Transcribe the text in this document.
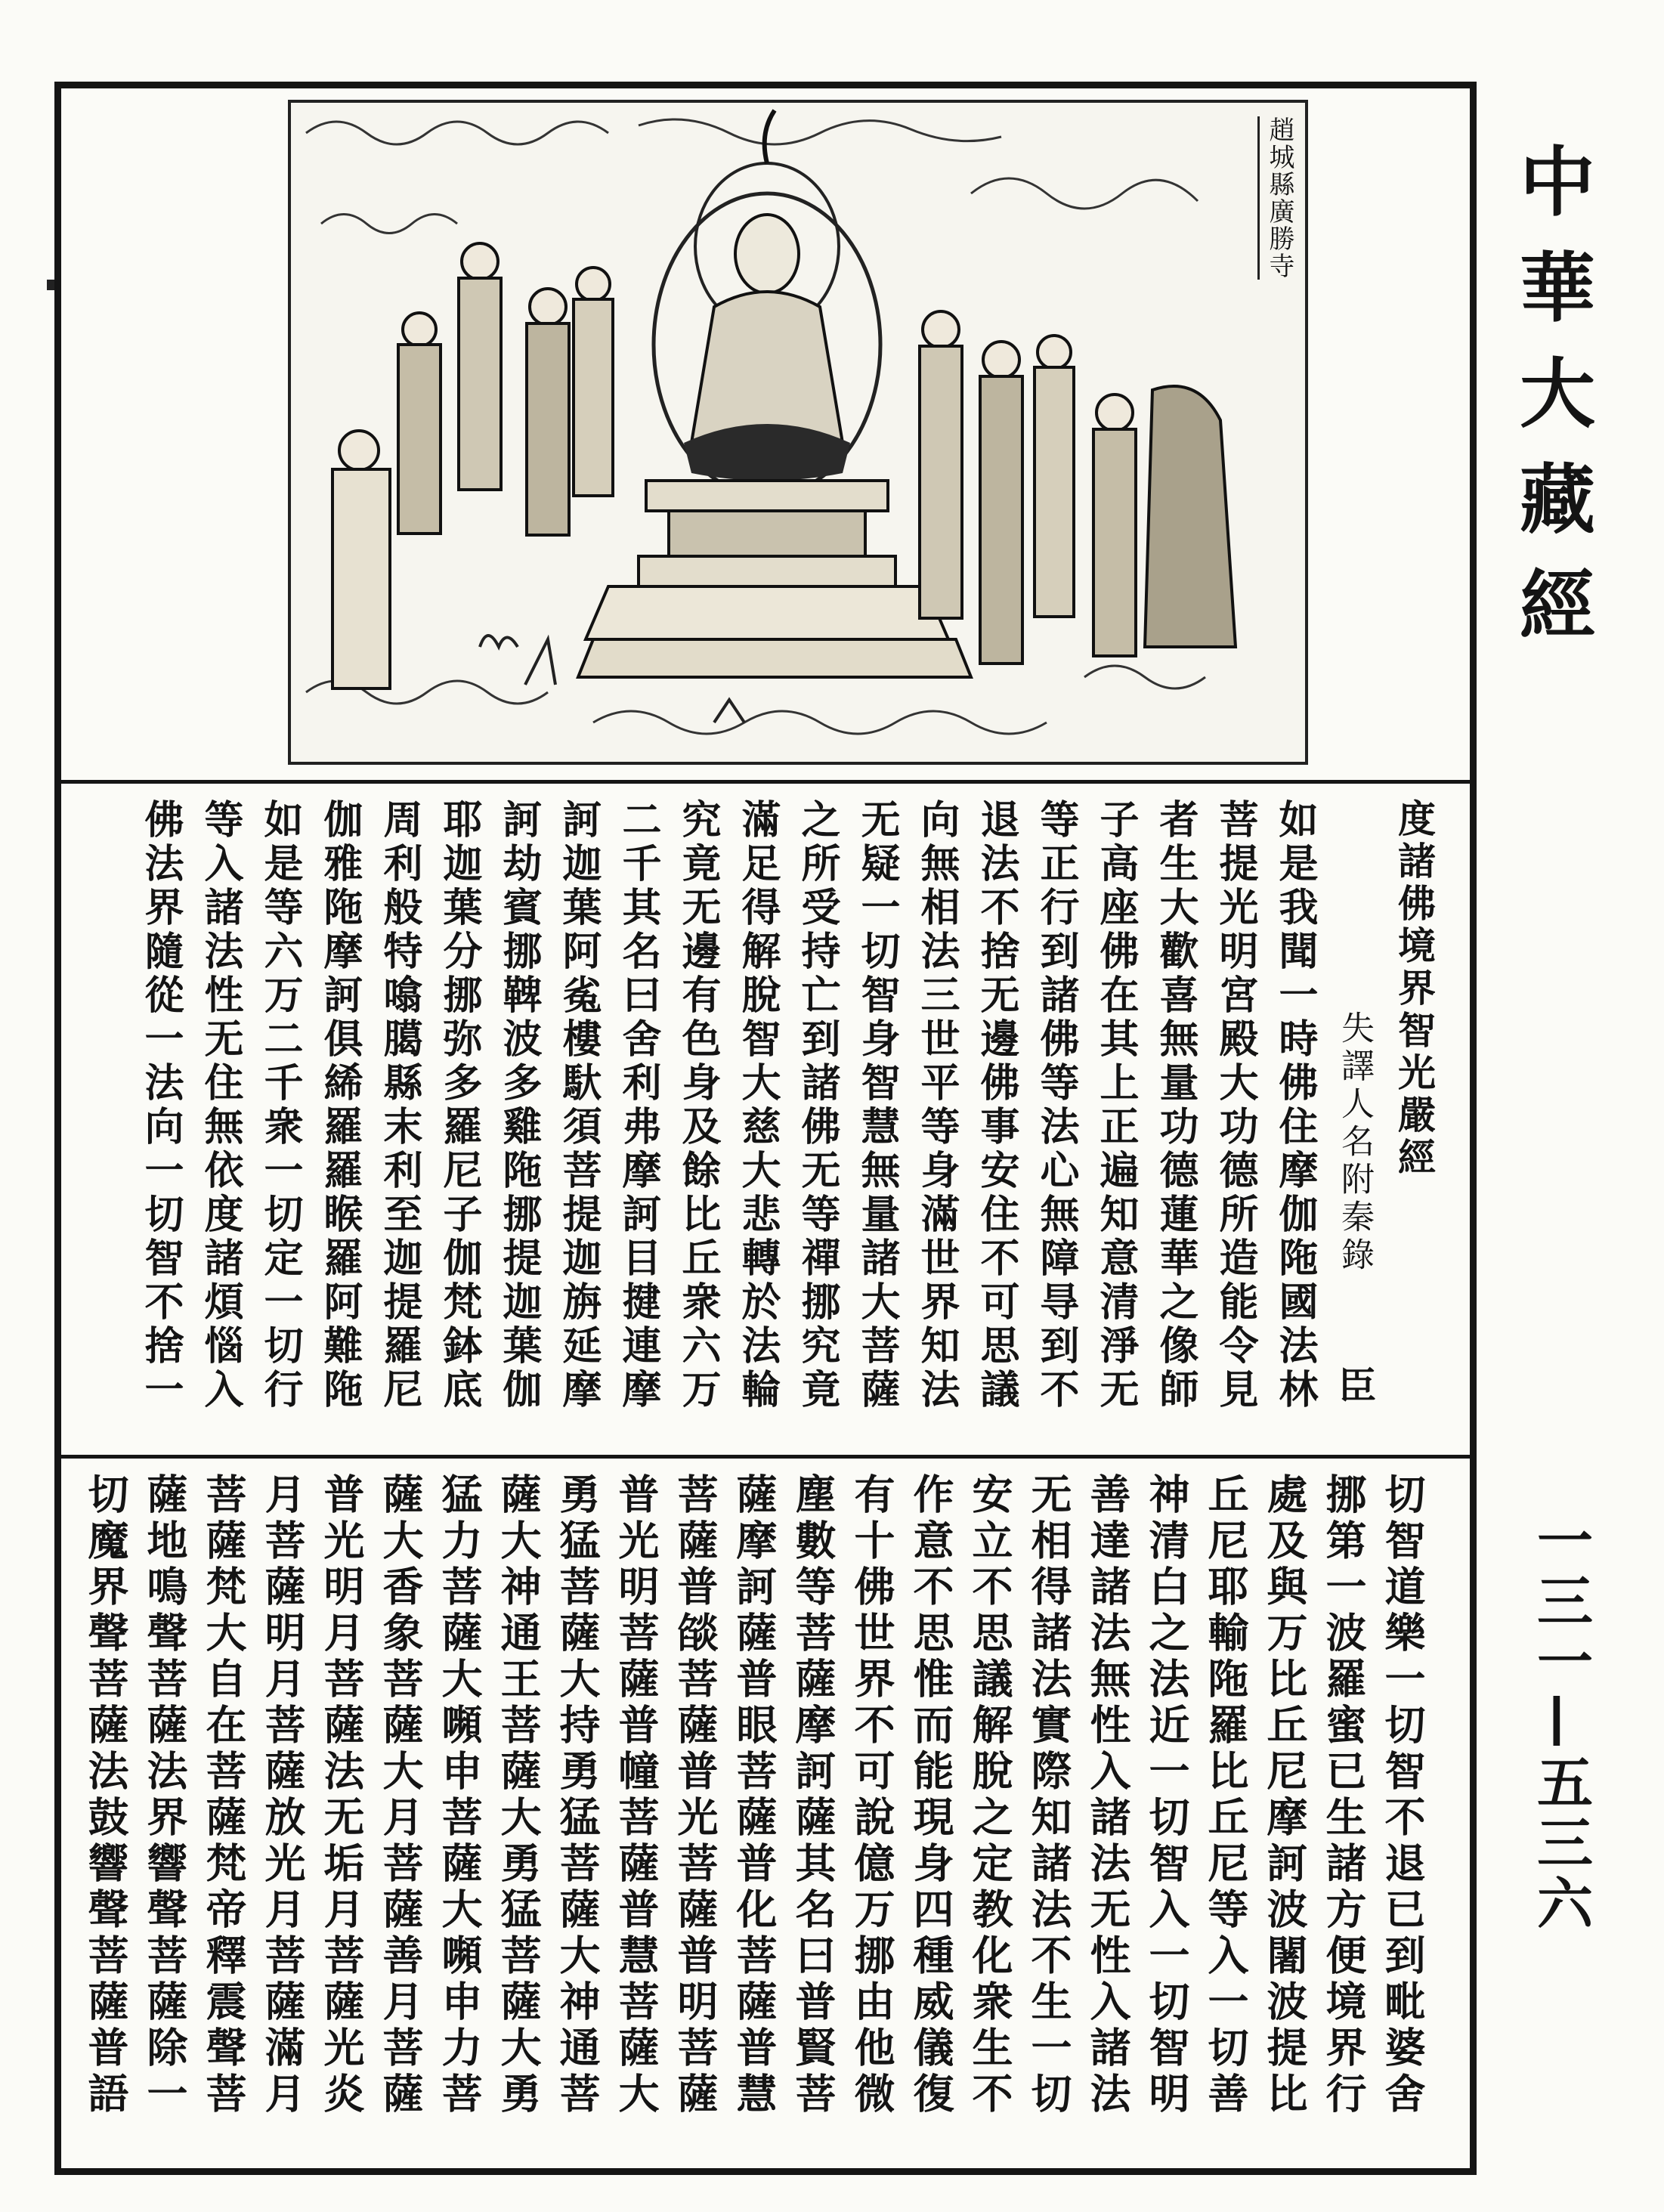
中華大藏經
一三一—五三六
趙城縣廣勝寺
度諸佛境界智光嚴經
失譯人名附秦錄臣
如是我聞一時佛住摩伽陁國法林
菩提光明宮殿大功德所造能令見
者生大歡喜無量功德蓮華之像師
子高座佛在其上正遍知意清淨无
等正行到諸佛等法心無障㝵到不
退法不捨无邊佛事安住不可思議
向無相法三世平等身滿世界知法
无疑一切智身智慧無量諸大菩薩
之所受持亡到諸佛无等禪挪究竟
滿足得解脫智大慈大悲轉於法輪
究竟无邊有色身及餘比丘衆六万
二千其名曰舍利弗摩訶目揵連摩
訶迦葉阿㝹樓馱須菩提迦旃延摩
訶劫賓挪鞞波多雞陁挪提迦葉伽
耶迦葉分挪弥多羅尼子伽梵鉢底
周利般特噏臈縣末利至迦提羅尼
伽雅陁摩訶俱絺羅羅睺羅阿難陁
如是等六万二千衆一切定一切行
等入諸法性无住無依度諸煩惱入
佛法界隨從一法向一切智不捨一
切智道樂一切智不退已到毗婆舍
挪第一波羅蜜已生諸方便境界行
處及與万比丘尼摩訶波闍波提比
丘尼耶輸陁羅比丘尼等入一切善
神清白之法近一切智入一切智明
善達諸法無性入諸法无性入諸法
无相得諸法實際知諸法不生一切
安立不思議解脫之定教化衆生不
作意不思惟而能現身四種威儀復
有十佛世界不可說億万挪由他微
塵數等菩薩摩訶薩其名曰普賢菩
薩摩訶薩普眼菩薩普化菩薩普慧
菩薩普燄菩薩普光菩薩普明菩薩
普光明菩薩普幢菩薩普慧菩薩大
勇猛菩薩大持勇猛菩薩大神通菩
薩大神通王菩薩大勇猛菩薩大勇
猛力菩薩大嚬申菩薩大嚬申力菩
薩大香象菩薩大月菩薩善月菩薩
普光明月菩薩法无垢月菩薩光炎
月菩薩明月菩薩放光月菩薩滿月
菩薩梵大自在菩薩梵帝釋震聲菩
薩地鳴聲菩薩法界響聲菩薩除一
切魔界聲菩薩法鼓響聲菩薩普語
